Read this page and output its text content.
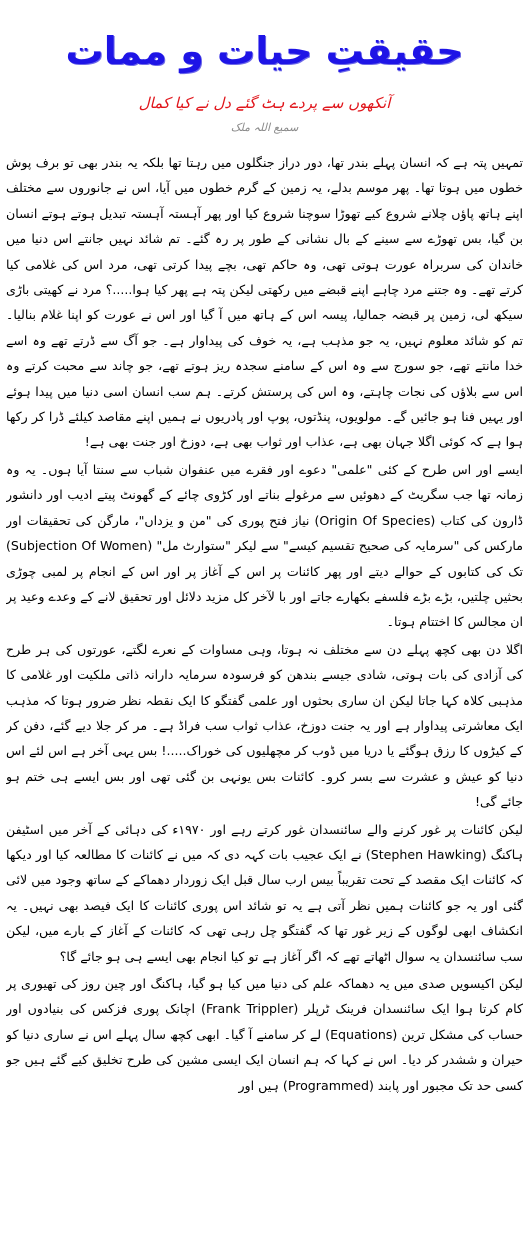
حقیقتِ حیات و ممات
آنکھوں سے پردے ہٹ گئے دل نے کیا کمال
سمیع اللہ ملک

تمہیں پتہ ہے کہ انسان پہلے بندر تھا، دور دراز جنگلوں میں رہتا تھا بلکہ یہ بندر بھی تو برف پوش خطوں میں ہوتا تھا۔ پھر موسم بدلے، یہ زمین کے گرم خطوں میں آیا، اس نے جانوروں سے مختلف اپنے ہاتھ پاؤں چلانے شروع کیے تھوڑا سوچنا شروع کیا اور پھر آہستہ آہستہ تبدیل ہوتے ہوتے انسان بن گیا، بس تھوڑے سے سینے کے بال نشانی کے طور پر رہ گئے۔ تم شائد نہیں جانتے اس دنیا میں خاندان کی سربراہ عورت ہوتی تھی، وہ حاکم تھی، بچے پیدا کرتی تھی، مرد اس کی غلامی کیا کرتے تھے۔ وہ جتنے مرد چاہے اپنے قبضے میں رکھتی لیکن پتہ ہے پھر کیا ہوا.....؟ مرد نے کھیتی باڑی سیکھ لی، زمین پر قبضہ جمالیا، پیسہ اس کے ہاتھ میں آ گیا اور اس نے عورت کو اپنا غلام بنالیا۔ تم کو شائد معلوم نہیں، یہ جو مذہب ہے، یہ خوف کی پیداوار ہے۔ جو آگ سے ڈرتے تھے وہ اسے خدا مانتے تھے، جو سورج سے وہ اس کے سامنے سجدہ ریز ہوتے تھے، جو چاند سے محبت کرتے وہ اس سے بلاؤں کی نجات چاہتے، وہ اس کی پرستش کرتے۔ ہم سب انسان اسی دنیا میں پیدا ہوئے اور یہیں فنا ہو جائیں گے۔ مولویوں، پنڈتوں، پوپ اور پادریوں نے ہمیں اپنے مقاصد کیلئے ڈرا کر رکھا ہوا ہے کہ کوئی اگلا جہان بھی ہے، عذاب اور ثواب بھی ہے، دوزخ اور جنت بھی ہے!

ایسے اور اس طرح کے کئی "علمی" دعوے اور فقرے میں عنفوان شباب سے سنتا آیا ہوں۔ یہ وہ زمانہ تھا جب سگریٹ کے دھوئیں سے مرغولے بناتے اور کڑوی چائے کے گھونٹ پیتے ادیب اور دانشور ڈارون کی کتاب (Origin Of Species) نیاز فتح پوری کی "من و یزداں"، مارگن کی تحقیقات اور مارکس کی "سرمایہ کی صحیح تقسیم کیسے" سے لیکر "ستوارٹ مل" (Subjection Of Women) تک کی کتابوں کے حوالے دیتے اور پھر کائنات پر اس کے آغاز پر اور اس کے انجام پر لمبی چوڑی بحثیں چلتیں، بڑے بڑے فلسفے بکھارے جاتے اور با لآخر کل مزید دلائل اور تحقیق لانے کے وعدے وعید پر ان مجالس کا اختتام ہوتا۔

اگلا دن بھی کچھ پہلے دن سے مختلف نہ ہوتا، وہی مساوات کے نعرے لگتے، عورتوں کی ہر طرح کی آزادی کی بات ہوتی، شادی جیسے بندھن کو فرسودہ سرمایہ دارانہ ذاتی ملکیت اور غلامی کا مذہبی کلاہ کہا جاتا لیکن ان ساری بحثوں اور علمی گفتگو کا ایک نقطہ نظر ضرور ہوتا کہ مذہب ایک معاشرتی پیداوار ہے اور یہ جنت دوزخ، عذاب ثواب سب فراڈ ہے۔ مر کر جلا دیے گئے، دفن کر کے کیڑوں کا رزق ہوگئے یا دریا میں ڈوب کر مچھلیوں کی خوراک.....! بس یہی آخر ہے اس لئے اس دنیا کو عیش و عشرت سے بسر کرو۔ کائنات بس یونہی بن گئی تھی اور بس ایسے ہی ختم ہو جائے گی!

لیکن کائنات پر غور کرنے والے سائنسدان غور کرتے رہے اور ۱۹۷۰ء کی دہائی کے آخر میں اسٹیفن ہاکنگ (Stephen Hawking) نے ایک عجیب بات کہہ دی کہ میں نے کائنات کا مطالعہ کیا اور دیکھا کہ کائنات ایک مقصد کے تحت تقریباً بیس ارب سال قبل ایک زوردار دھماکے کے ساتھ وجود میں لائی گئی اور یہ جو کائنات ہمیں نظر آتی ہے یہ تو شائد اس پوری کائنات کا ایک فیصد بھی نہیں۔ یہ انکشاف ابھی لوگوں کے زیر غور تھا کہ گفتگو چل رہی تھی کہ کائنات کے آغاز کے بارے میں، لیکن سب سائنسدان یہ سوال اٹھاتے تھے کہ اگر آغاز ہے تو کیا انجام بھی ایسے ہی ہو جائے گا؟

لیکن اکیسویں صدی میں یہ دھماکہ علم کی دنیا میں کیا ہو گیا، ہاکنگ اور چین روز کی تھیوری پر کام کرتا ہوا ایک سائنسدان فرینک ٹرپلر (Frank Trippler) اچانک پوری فزکس کی بنیادوں اور حساب کی مشکل ترین (Equations) لے کر سامنے آ گیا۔ ابھی کچھ سال پہلے اس نے ساری دنیا کو حیران و ششدر کر دیا۔ اس نے کہا کہ ہم انسان ایک ایسی مشین کی طرح تخلیق کیے گئے ہیں جو کسی حد تک مجبور اور پابند (Programmed) ہیں اور
